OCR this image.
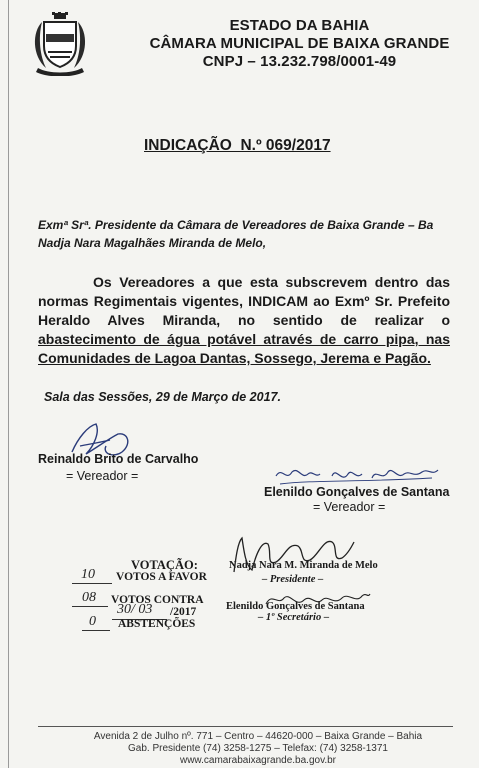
ESTADO DA BAHIA
CÂMARA MUNICIPAL DE BAIXA GRANDE
CNPJ – 13.232.798/0001-49
INDICAÇÃO  N.º 069/2017
Exmª Srª. Presidente da Câmara de Vereadores de Baixa Grande – Ba
Nadja Nara Magalhães Miranda de Melo,
Os Vereadores a que esta subscrevem dentro das normas Regimentais vigentes, INDICAM ao Exmº Sr. Prefeito Heraldo Alves Miranda, no sentido de realizar o abastecimento de água potável através de carro pipa, nas Comunidades de Lagoa Dantas, Sossego, Jerema e Pagão.
Sala das Sessões, 29 de Março de 2017.
Reinaldo Brito de Carvalho
= Vereador =
Elenildo Gonçalves de Santana
= Vereador =
VOTAÇÃO:
10 VOTOS A FAVOR
08 VOTOS CONTRA
30/ 03 /2017
0 ABSTENÇÕES
Nadja Nara M. Miranda de Melo
– Presidente –
Elenildo Gonçalves de Santana
– 1º Secretário –
Avenida 2 de Julho nº. 771 – Centro – 44620-000 – Baixa Grande – Bahia
Gab. Presidente (74) 3258-1275 – Telefax: (74) 3258-1371
www.camarabaixagrande.ba.gov.br
